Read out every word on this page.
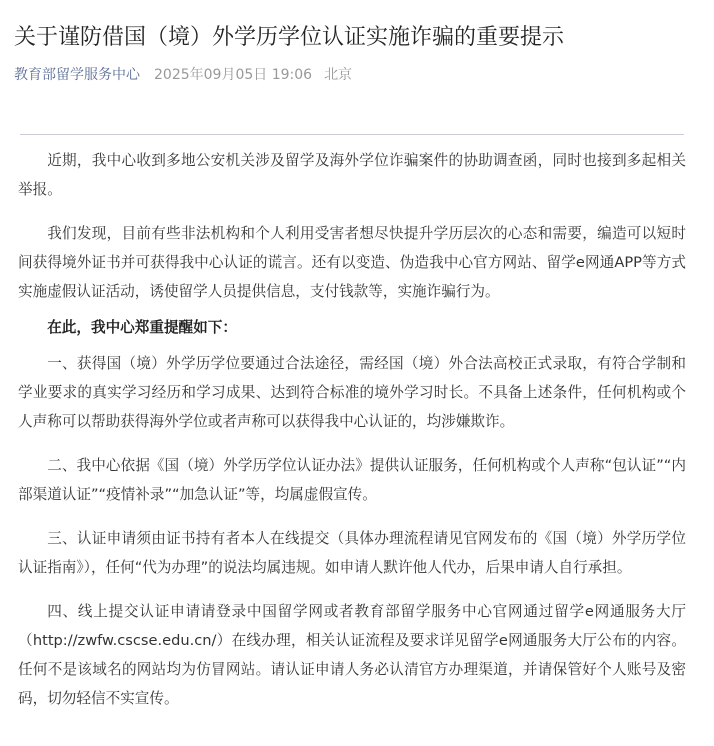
关于谨防借国（境）外学历学位认证实施诈骗的重要提示
教育部留学服务中心 2025年09月05日 19:06 北京

近期，我中心收到多地公安机关涉及留学及海外学位诈骗案件的协助调查函，同时也接到多起相关举报。

我们发现，目前有些非法机构和个人利用受害者想尽快提升学历层次的心态和需要，编造可以短时间获得境外证书并可获得我中心认证的谎言。还有以变造、伪造我中心官方网站、留学e网通APP等方式实施虚假认证活动，诱使留学人员提供信息，支付钱款等，实施诈骗行为。

在此，我中心郑重提醒如下：

一、获得国（境）外学历学位要通过合法途径，需经国（境）外合法高校正式录取，有符合学制和学业要求的真实学习经历和学习成果、达到符合标准的境外学习时长。不具备上述条件，任何机构或个人声称可以帮助获得海外学位或者声称可以获得我中心认证的，均涉嫌欺诈。

二、我中心依据《国（境）外学历学位认证办法》提供认证服务，任何机构或个人声称“包认证”“内部渠道认证”“疫情补录”“加急认证”等，均属虚假宣传。

三、认证申请须由证书持有者本人在线提交（具体办理流程请见官网发布的《国（境）外学历学位认证指南》），任何“代为办理”的说法均属违规。如申请人默许他人代办，后果申请人自行承担。

四、线上提交认证申请请登录中国留学网或者教育部留学服务中心官网通过留学e网通服务大厅（http://zwfw.cscse.edu.cn/）在线办理，相关认证流程及要求详见留学e网通服务大厅公布的内容。任何不是该域名的网站均为仿冒网站。请认证申请人务必认清官方办理渠道，并请保管好个人账号及密码，切勿轻信不实宣传。
